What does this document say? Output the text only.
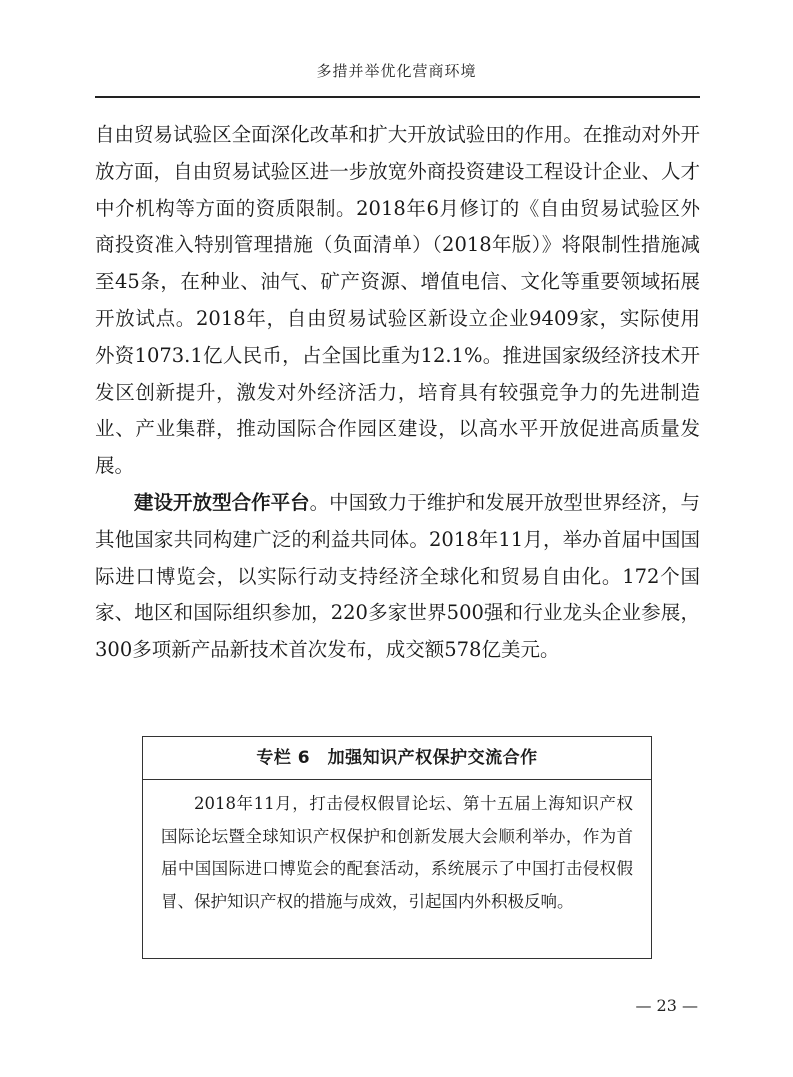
多措并举优化营商环境

自由贸易试验区全面深化改革和扩大开放试验田的作用。在推动对外开放方面，自由贸易试验区进一步放宽外商投资建设工程设计企业、人才中介机构等方面的资质限制。2018年6月修订的《自由贸易试验区外商投资准入特别管理措施（负面清单）（2018年版）》将限制性措施减至45条，在种业、油气、矿产资源、增值电信、文化等重要领域拓展开放试点。2018年，自由贸易试验区新设立企业9409家，实际使用外资1073.1亿人民币，占全国比重为12.1%。推进国家级经济技术开发区创新提升，激发对外经济活力，培育具有较强竞争力的先进制造业、产业集群，推动国际合作园区建设，以高水平开放促进高质量发展。

建设开放型合作平台。中国致力于维护和发展开放型世界经济，与其他国家共同构建广泛的利益共同体。2018年11月，举办首届中国国际进口博览会，以实际行动支持经济全球化和贸易自由化。172个国家、地区和国际组织参加，220多家世界500强和行业龙头企业参展，300多项新产品新技术首次发布，成交额578亿美元。

专栏 6　加强知识产权保护交流合作
2018年11月，打击侵权假冒论坛、第十五届上海知识产权国际论坛暨全球知识产权保护和创新发展大会顺利举办，作为首届中国国际进口博览会的配套活动，系统展示了中国打击侵权假冒、保护知识产权的措施与成效，引起国内外积极反响。
— 23 —
